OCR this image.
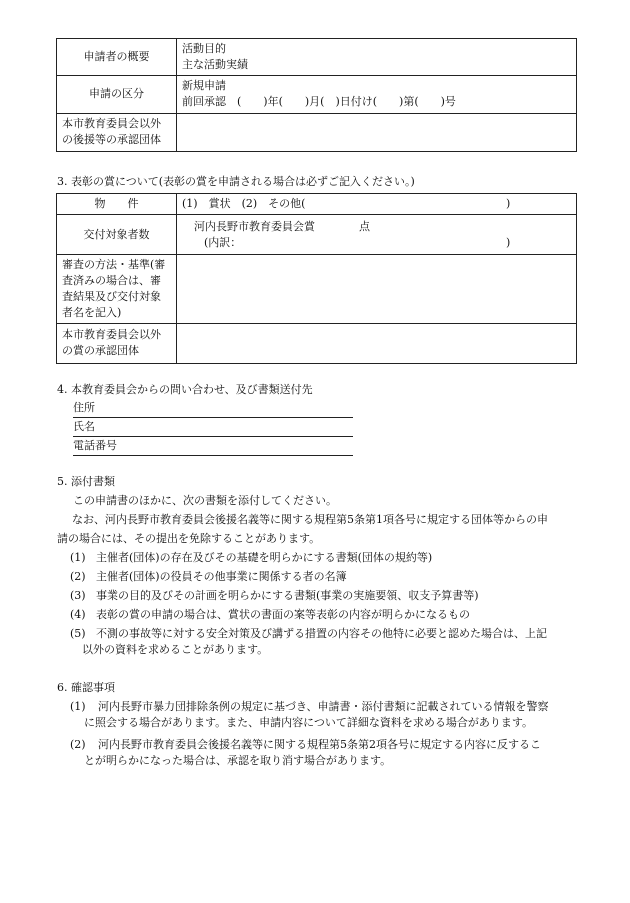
申請者の概要	活動目的
主な活動実績

申請の区分	新規申請
前回承認　(　　)年(　　)月(　)日付け(　　)第(　　)号

本市教育委員会以外
の後援等の承認団体	

3. 表彰の賞について(表彰の賞を申請される場合は必ずご記入ください。)
物　　件	(1)　賞状　(2)　その他( )

交付対象者数	河内長野市教育委員会賞　　　　点
(内訳： )

審査の方法・基準(審
査済みの場合は、審
査結果及び交付対象
者名を記入)	

本市教育委員会以外
の賞の承認団体	

4. 本教育委員会からの問い合わせ、及び書類送付先
住所
氏名
電話番号
5. 添付書類
この申請書のほかに、次の書類を添付してください。
なお、河内長野市教育委員会後援名義等に関する規程第5条第1項各号に規定する団体等からの申
請の場合には、その提出を免除することがあります。
(1) 主催者(団体)の存在及びその基礎を明らかにする書類(団体の規約等)
(2) 主催者(団体)の役員その他事業に関係する者の名簿
(3) 事業の目的及びその計画を明らかにする書類(事業の実施要領、収支予算書等)
(4) 表彰の賞の申請の場合は、賞状の書面の案等表彰の内容が明らかになるもの
(5) 不測の事故等に対する安全対策及び講ずる措置の内容その他特に必要と認めた場合は、上記
以外の資料を求めることがあります。
6. 確認事項
(1) 河内長野市暴力団排除条例の規定に基づき、申請書・添付書類に記載されている情報を警察
に照会する場合があります。また、申請内容について詳細な資料を求める場合があります。
(2) 河内長野市教育委員会後援名義等に関する規程第5条第2項各号に規定する内容に反するこ
とが明らかになった場合は、承認を取り消す場合があります。
